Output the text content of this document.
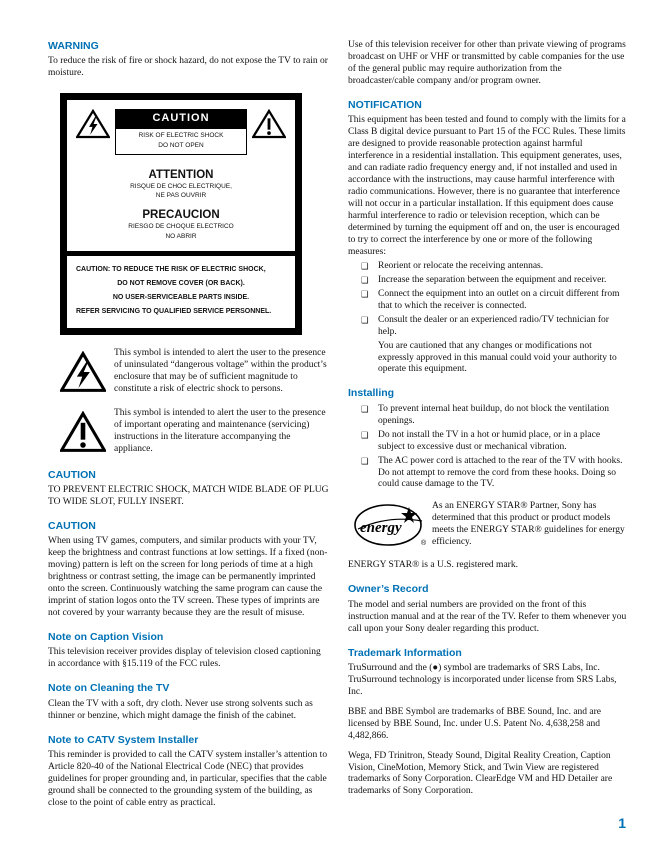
WARNING

To reduce the risk of fire or shock hazard, do not expose the TV to rain or moisture.

CAUTION
RISK OF ELECTRIC SHOCK
DO NOT OPEN
ATTENTION
RISQUE DE CHOC ELECTRIQUE,
NE PAS OUVRIR
PRECAUCION
RIESGO DE CHOQUE ELECTRICO
NO ABRIR
CAUTION: TO REDUCE THE RISK OF ELECTRIC SHOCK,
DO NOT REMOVE COVER (OR BACK).
NO USER-SERVICEABLE PARTS INSIDE.
REFER SERVICING TO QUALIFIED SERVICE PERSONNEL.
This symbol is intended to alert the user to the presence of uninsulated “dangerous voltage” within the product’s enclosure that may be of sufficient magnitude to constitute a risk of electric shock to persons.
This symbol is intended to alert the user to the presence of important operating and maintenance (servicing) instructions in the literature accompanying the appliance.
CAUTION

TO PREVENT ELECTRIC SHOCK, MATCH WIDE BLADE OF PLUG TO WIDE SLOT, FULLY INSERT.

CAUTION

When using TV games, computers, and similar products with your TV, keep the brightness and contrast functions at low settings. If a fixed (non-moving) pattern is left on the screen for long periods of time at a high brightness or contrast setting, the image can be permanently imprinted onto the screen. Continuously watching the same program can cause the imprint of station logos onto the TV screen. These types of imprints are not covered by your warranty because they are the result of misuse.

Note on Caption Vision

This television receiver provides display of television closed captioning in accordance with §15.119 of the FCC rules.

Note on Cleaning the TV

Clean the TV with a soft, dry cloth. Never use strong solvents such as thinner or benzine, which might damage the finish of the cabinet.

Note to CATV System Installer

This reminder is provided to call the CATV system installer’s attention to Article 820-40 of the National Electrical Code (NEC) that provides guidelines for proper grounding and, in particular, specifies that the cable ground shall be connected to the grounding system of the building, as close to the point of cable entry as practical.

Use of this television receiver for other than private viewing of programs broadcast on UHF or VHF or transmitted by cable companies for the use of the general public may require authorization from the broadcaster/cable company and/or program owner.

NOTIFICATION

This equipment has been tested and found to comply with the limits for a Class B digital device pursuant to Part 15 of the FCC Rules. These limits are designed to provide reasonable protection against harmful interference in a residential installation. This equipment generates, uses, and can radiate radio frequency energy and, if not installed and used in accordance with the instructions, may cause harmful interference with radio communications. However, there is no guarantee that interference will not occur in a particular installation. If this equipment does cause harmful interference to radio or television reception, which can be determined by turning the equipment off and on, the user is encouraged to try to correct the interference by one or more of the following measures:

❑ Reorient or relocate the receiving antennas.
❑ Increase the separation between the equipment and receiver.
❑ Connect the equipment into an outlet on a circuit different from that to which the receiver is connected.
❑ Consult the dealer or an experienced radio/TV technician for help.

You are cautioned that any changes or modifications not expressly approved in this manual could void your authority to operate this equipment.

Installing
❑ To prevent internal heat buildup, do not block the ventilation openings.
❑ Do not install the TV in a hot or humid place, or in a place subject to excessive dust or mechanical vibration.
❑ The AC power cord is attached to the rear of the TV with hooks. Do not attempt to remove the cord from these hooks. Doing so could cause damage to the TV.
energy
®
As an ENERGY STAR® Partner, Sony has determined that this product or product models meets the ENERGY STAR® guidelines for energy efficiency.

ENERGY STAR® is a U.S. registered mark.

Owner’s Record

The model and serial numbers are provided on the front of this instruction manual and at the rear of the TV. Refer to them whenever you call upon your Sony dealer regarding this product.

Trademark Information

TruSurround and the (●) symbol are trademarks of SRS Labs, Inc. TruSurround technology is incorporated under license from SRS Labs, Inc.

BBE and BBE Symbol are trademarks of BBE Sound, Inc. and are licensed by BBE Sound, Inc. under U.S. Patent No. 4,638,258 and 4,482,866.

Wega, FD Trinitron, Steady Sound, Digital Reality Creation, Caption Vision, CineMotion, Memory Stick, and Twin View are registered trademarks of Sony Corporation. ClearEdge VM and HD Detailer are trademarks of Sony Corporation.

1
